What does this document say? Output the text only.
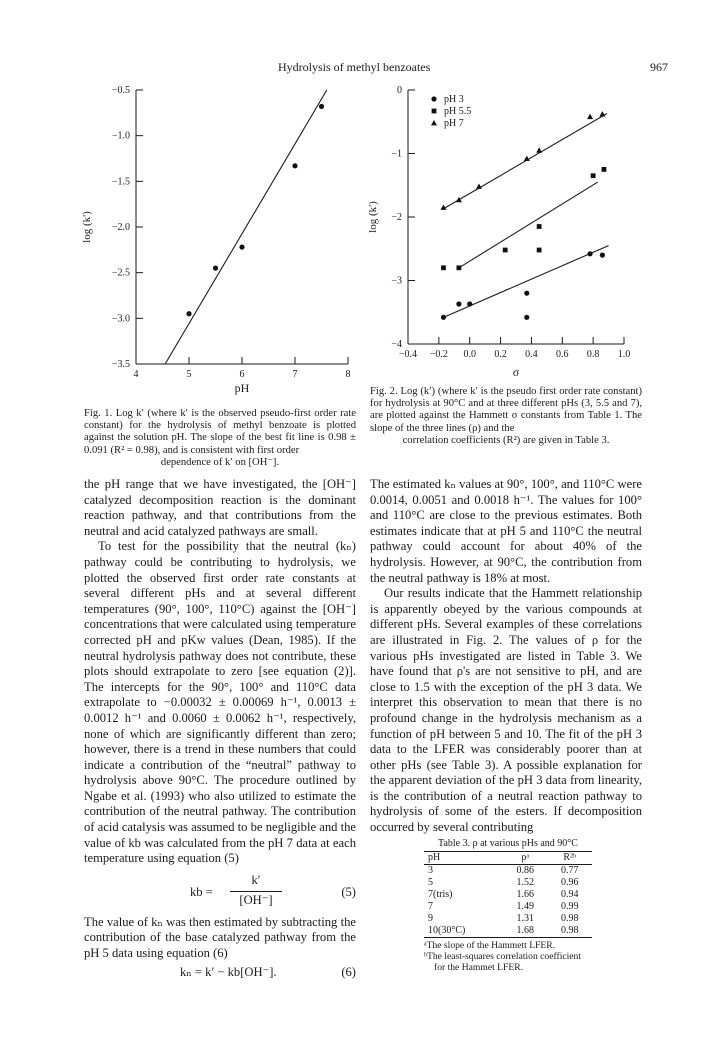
Hydrolysis of methyl benzoates	967
−0.5
−1.0
−1.5
−2.0
−2.5
−3.0
−3.5
4	5	6	7	8
log (k')
pH
0
−1
−2
−3
−4
−0.4 −0.2 0.0 0.2 0.4 0.6 0.8 1.0
log (k')
σ
pH 3
pH 5.5
pH 7
Fig. 1. Log k′ (where k′ is the observed pseudo-first order rate constant) for the hydrolysis of methyl benzoate is plotted against the solution pH. The slope of the best fit line is 0.98 ± 0.091 (R² = 0.98), and is consistent with first order
dependence of k′ on [OH⁻].
Fig. 2. Log (k′) (where k′ is the pseudo first order rate constant) for hydrolysis at 90°C and at three different pHs (3, 5.5 and 7), are plotted against the Hammett σ constants from Table 1. The slope of the three lines (ρ) and the
correlation coefficients (R²) are given in Table 3.

the pH range that we have investigated, the [OH⁻] catalyzed decomposition reaction is the dominant reaction pathway, and that contributions from the neutral and acid catalyzed pathways are small.

To test for the possibility that the neutral (kₙ) pathway could be contributing to hydrolysis, we plotted the observed first order rate constants at several different pHs and at several different temperatures (90°, 100°, 110°C) against the [OH⁻] concentrations that were calculated using temperature corrected pH and pKw values (Dean, 1985). If the neutral hydrolysis pathway does not contribute, these plots should extrapolate to zero [see equation (2)]. The intercepts for the 90°, 100° and 110°C data extrapolate to −0.00032 ± 0.00069 h⁻¹, 0.0013 ± 0.0012 h⁻¹ and 0.0060 ± 0.0062 h⁻¹, respectively, none of which are significantly different than zero; however, there is a trend in these numbers that could indicate a contribution of the “neutral” pathway to hydrolysis above 90°C. The procedure outlined by Ngabe et al. (1993) who also utilized to estimate the contribution of the neutral pathway. The contribution of acid catalysis was assumed to be negligible and the value of kb was calculated from the pH 7 data at each temperature using equation (5)

kb =
k′
[OH⁻]
(5)

The value of kₙ was then estimated by subtracting the contribution of the base catalyzed pathway from the pH 5 data using equation (6)

kₙ = k′ − kb[OH⁻].	(6)

The estimated kₙ values at 90°, 100°, and 110°C were 0.0014, 0.0051 and 0.0018 h⁻¹. The values for 100° and 110°C are close to the previous estimates. Both estimates indicate that at pH 5 and 110°C the neutral pathway could account for about 40% of the hydrolysis. However, at 90°C, the contribution from the neutral pathway is 18% at most.

Our results indicate that the Hammett relationship is apparently obeyed by the various compounds at different pHs. Several examples of these correlations are illustrated in Fig. 2. The values of ρ for the various pHs investigated are listed in Table 3. We have found that ρ's are not sensitive to pH, and are close to 1.5 with the exception of the pH 3 data. We interpret this observation to mean that there is no profound change in the hydrolysis mechanism as a function of pH between 5 and 10. The fit of the pH 3 data to the LFER was considerably poorer than at other pHs (see Table 3). A possible explanation for the apparent deviation of the pH 3 data from linearity, is the contribution of a neutral reaction pathway to hydrolysis of some of the esters. If decomposition occurred by several contributing

Table 3. ρ at various pHs and 90°C
pH	ρᵃ	R²ᵇ
3	0.86	0.77
5	1.52	0.96
7(tris)	1.66	0.94
7	1.49	0.99
9	1.31	0.98
10(30°C)	1.68	0.98
ᵃThe slope of the Hammett LFER.
ᵇThe least-squares correlation coefficient
for the Hammet LFER.
